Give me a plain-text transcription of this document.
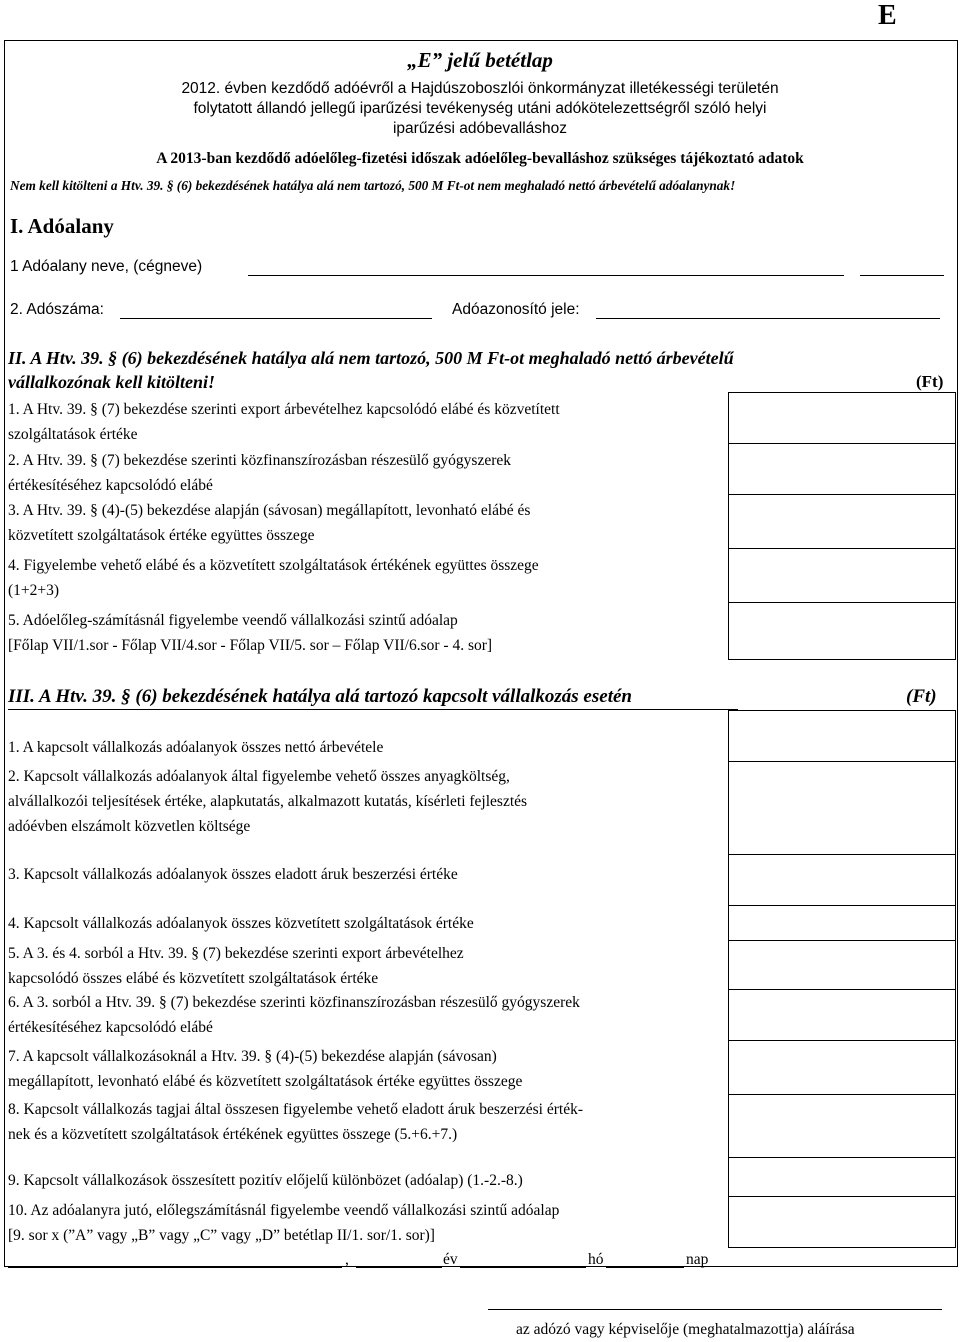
E
„E” jelű betétlap
2012. évben kezdődő adóévről a Hajdúszoboszlói önkormányzat illetékességi területén
folytatott állandó jellegű iparűzési tevékenység utáni adókötelezettségről szóló helyi
iparűzési adóbevalláshoz
A 2013-ban kezdődő adóelőleg-fizetési időszak adóelőleg-bevalláshoz szükséges tájékoztató adatok
Nem kell kitölteni a Htv. 39. § (6) bekezdésének hatálya alá nem tartozó, 500 M Ft-ot nem meghaladó nettó árbevételű adóalanynak!
I. Adóalany
1 Adóalany neve, (cégneve)
2. Adószáma:	Adóazonosító jele:
II. A Htv. 39. § (6) bekezdésének hatálya alá nem tartozó, 500 M Ft-ot meghaladó nettó árbevételű
vállalkozónak kell kitölteni!	(Ft)
1. A Htv. 39. § (7) bekezdése szerinti export árbevételhez kapcsolódó elábé és közvetített
szolgáltatások értéke
2. A Htv. 39. § (7) bekezdése szerinti közfinanszírozásban részesülő gyógyszerek
értékesítéséhez kapcsolódó elábé
3. A Htv. 39. § (4)-(5) bekezdése alapján (sávosan) megállapított, levonható elábé és
közvetített szolgáltatások értéke együttes összege
4. Figyelembe vehető elábé és a közvetített szolgáltatások értékének együttes összege
(1+2+3)
5. Adóelőleg-számításnál figyelembe veendő vállalkozási szintű adóalap
[Főlap VII/1.sor - Főlap VII/4.sor - Főlap VII/5. sor – Főlap VII/6.sor - 4. sor]
III. A Htv. 39. § (6) bekezdésének hatálya alá tartozó kapcsolt vállalkozás esetén	(Ft)
1. A kapcsolt vállalkozás adóalanyok összes nettó árbevétele
2. Kapcsolt vállalkozás adóalanyok által figyelembe vehető összes anyagköltség,
alvállalkozói teljesítések értéke, alapkutatás, alkalmazott kutatás, kísérleti fejlesztés
adóévben elszámolt közvetlen költsége
3. Kapcsolt vállalkozás adóalanyok összes eladott áruk beszerzési értéke
4. Kapcsolt vállalkozás adóalanyok összes közvetített szolgáltatások értéke
5. A 3. és 4. sorból a Htv. 39. § (7) bekezdése szerinti export árbevételhez
kapcsolódó összes elábé és közvetített szolgáltatások értéke
6. A 3. sorból a Htv. 39. § (7) bekezdése szerinti közfinanszírozásban részesülő gyógyszerek
értékesítéséhez kapcsolódó elábé
7. A kapcsolt vállalkozásoknál a Htv. 39. § (4)-(5) bekezdése alapján (sávosan)
megállapított, levonható elábé és közvetített szolgáltatások értéke együttes összege
8. Kapcsolt vállalkozás tagjai által összesen figyelembe vehető eladott áruk beszerzési érték-
nek és a közvetített szolgáltatások értékének együttes összege (5.+6.+7.)
9. Kapcsolt vállalkozások összesített pozitív előjelű különbözet (adóalap) (1.-2.-8.)
10. Az adóalanyra jutó, előlegszámításnál figyelembe veendő vállalkozási szintű adóalap
[9. sor x (”A” vagy „B” vagy „C” vagy „D” betétlap II/1. sor/1. sor)]
,	év	hó	nap
az adózó vagy képviselője (meghatalmazottja) aláírása
